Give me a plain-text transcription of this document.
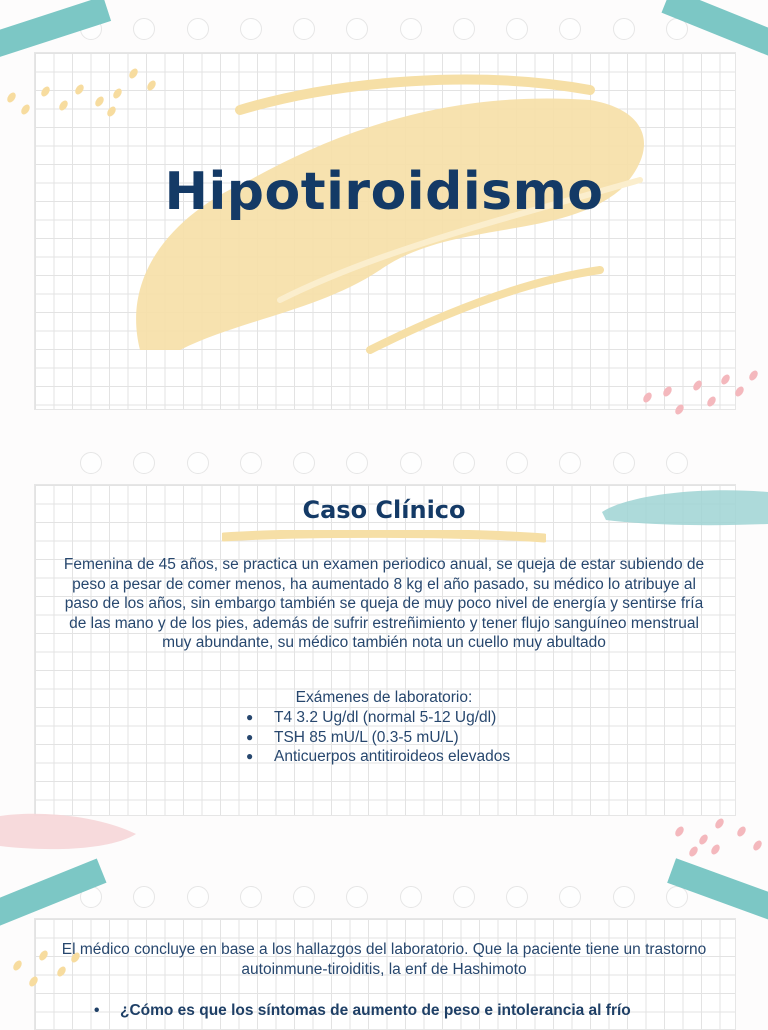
Hipotiroidismo
Caso Clínico
Femenina de 45 años, se practica un examen periodico anual, se queja de estar subiendo de peso a pesar de comer menos, ha aumentado 8 kg el año pasado, su médico lo atribuye al paso de los años, sin embargo también se queja de muy poco nivel de energía y sentirse fría de las mano y de los pies, además de sufrir estreñimiento y tener flujo sanguíneo menstrual muy abundante, su médico también nota un cuello muy abultado
Exámenes de laboratorio:
● T4 3.2 Ug/dl (normal 5-12 Ug/dl)
● TSH 85 mU/L (0.3-5 mU/L)
● Anticuerpos antitiroideos elevados
El médico concluye en base a los hallazgos del laboratorio. Que la paciente tiene un trastorno autoinmune-tiroiditis, la enf de Hashimoto
• ¿Cómo es que los síntomas de aumento de peso e intolerancia al frío
